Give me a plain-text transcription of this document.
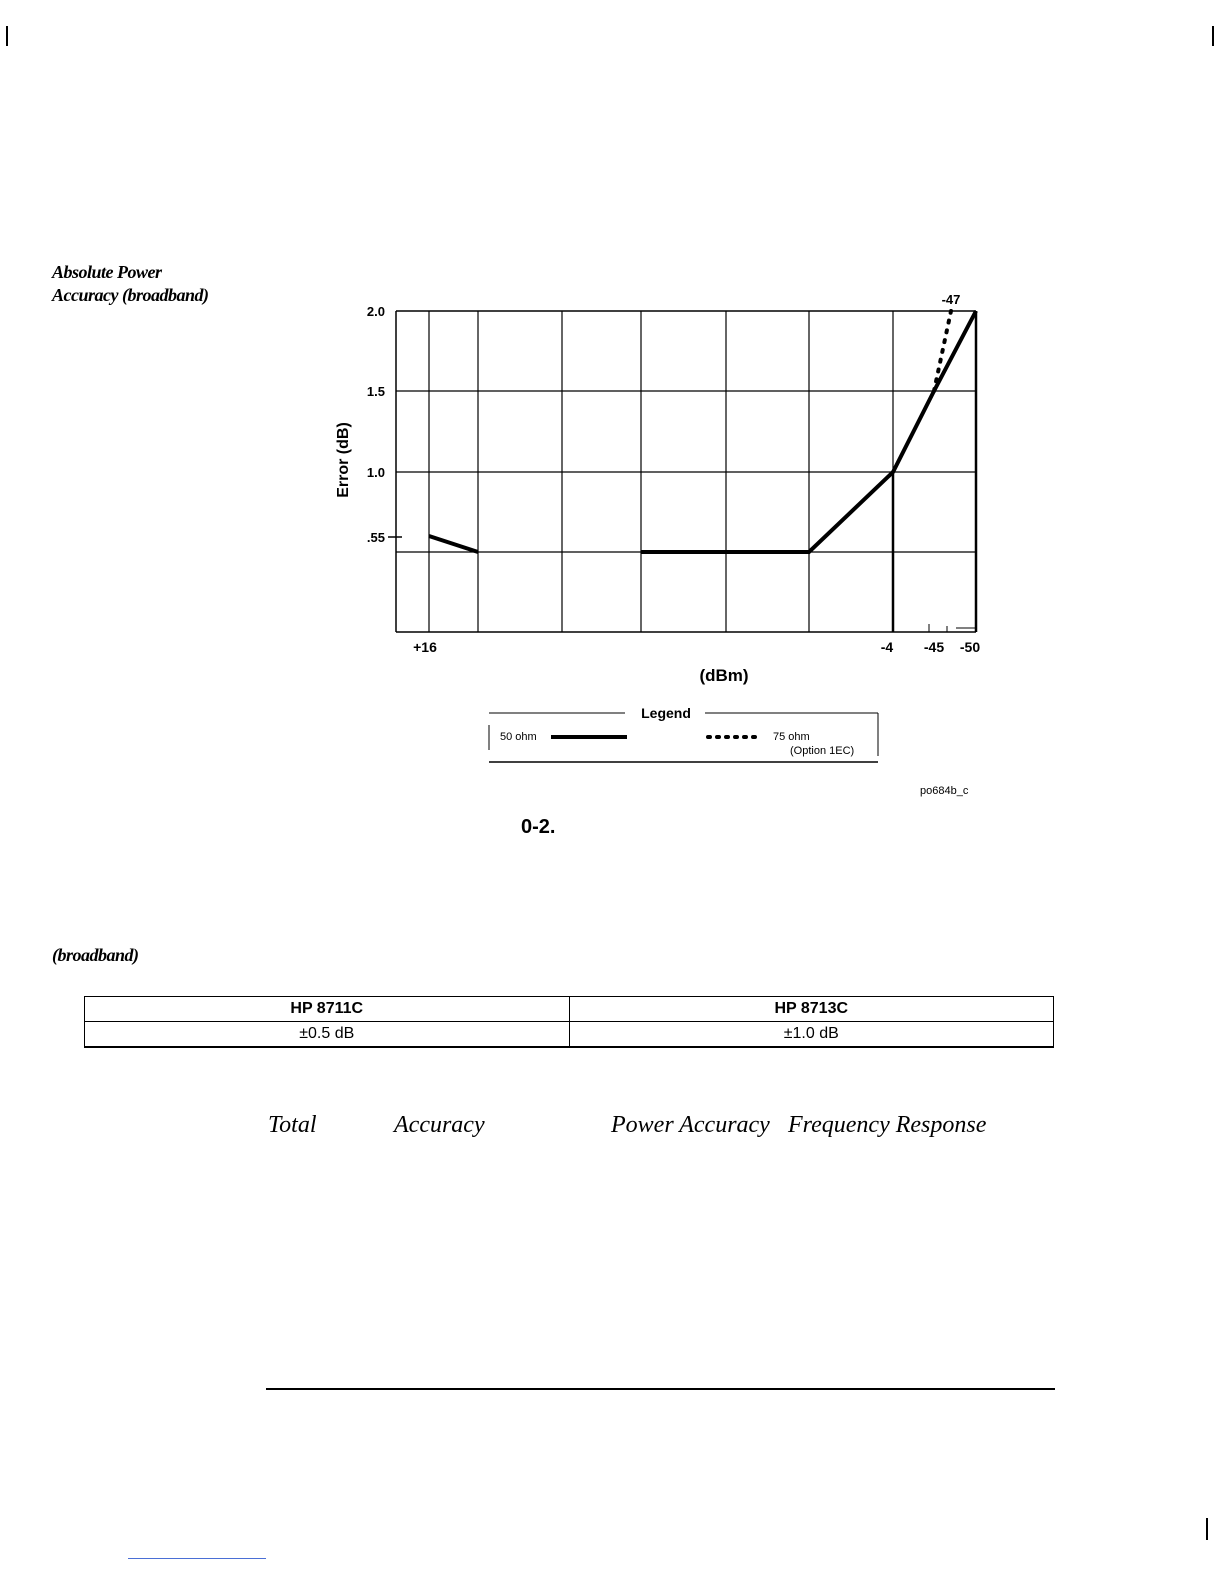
Absolute Power
Accuracy (broadband)
2.0
1.5
1.0
.55
+16	-4 -45 -50
-47
(dBm)
Error (dB)
Legend
50 ohm	75 ohm
(Option 1EC)
po684b_c
0-2.
(broadband)
HP 8711C	HP 8713C
±0.5 dB	±1.0 dB
Total	Accuracy	Power Accuracy Frequency Response
